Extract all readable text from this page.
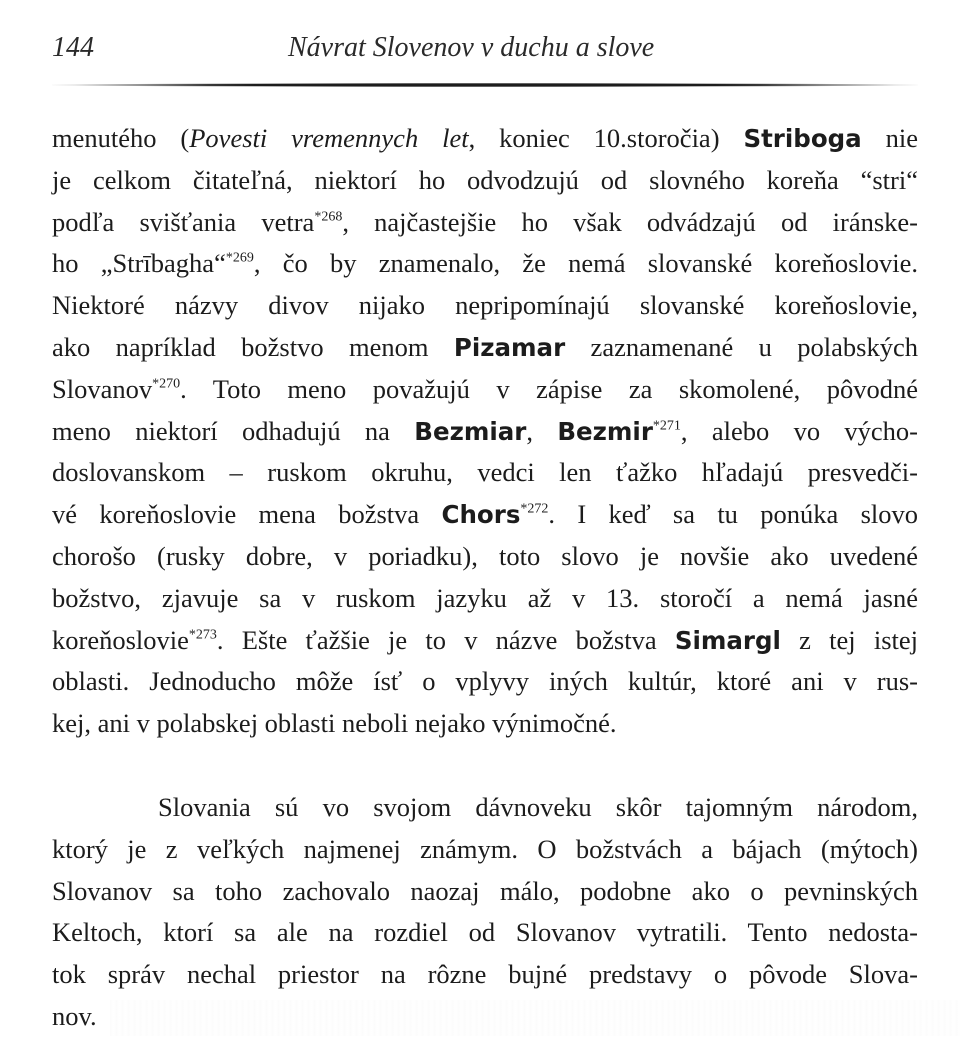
144	Návrat Slovenov v duchu a slove
menutého (Povesti vremennych let, koniec 10.storočia) Striboga nie
je celkom čitateľná, niektorí ho odvodzujú od slovného koreňa “stri“
podľa svišťania vetra$^{*268}$, najčastejšie ho však odvádzajú od iránske-
ho „Strībagha“$^{*269}$, čo by znamenalo, že nemá slovanské koreňoslovie.
Niektoré názvy divov nijako nepripomínajú slovanské koreňoslovie,
ako napríklad božstvo menom Pizamar zaznamenané u polabských
Slovanov$^{*270}$. Toto meno považujú v zápise za skomolené, pôvodné
meno niektorí odhadujú na Bezmiar, Bezmir$^{*271}$, alebo vo výcho-
doslovanskom – ruskom okruhu, vedci len ťažko hľadajú presvedči-
vé koreňoslovie mena božstva Chors$^{*272}$. I keď sa tu ponúka slovo
chorošo (rusky dobre, v poriadku), toto slovo je novšie ako uvedené
božstvo, zjavuje sa v ruskom jazyku až v 13. storočí a nemá jasné
koreňoslovie$^{*273}$. Ešte ťažšie je to v názve božstva Simargl z tej istej
oblasti. Jednoducho môže ísť o vplyvy iných kultúr, ktoré ani v rus-
kej, ani v polabskej oblasti neboli nejako výnimočné.
Slovania sú vo svojom dávnoveku skôr tajomným národom,
ktorý je z veľkých najmenej známym. O božstvách a bájach (mýtoch)
Slovanov sa toho zachovalo naozaj málo, podobne ako o pevninských
Keltoch, ktorí sa ale na rozdiel od Slovanov vytratili. Tento nedosta-
tok správ nechal priestor na rôzne bujné predstavy o pôvode Slova-
nov.
